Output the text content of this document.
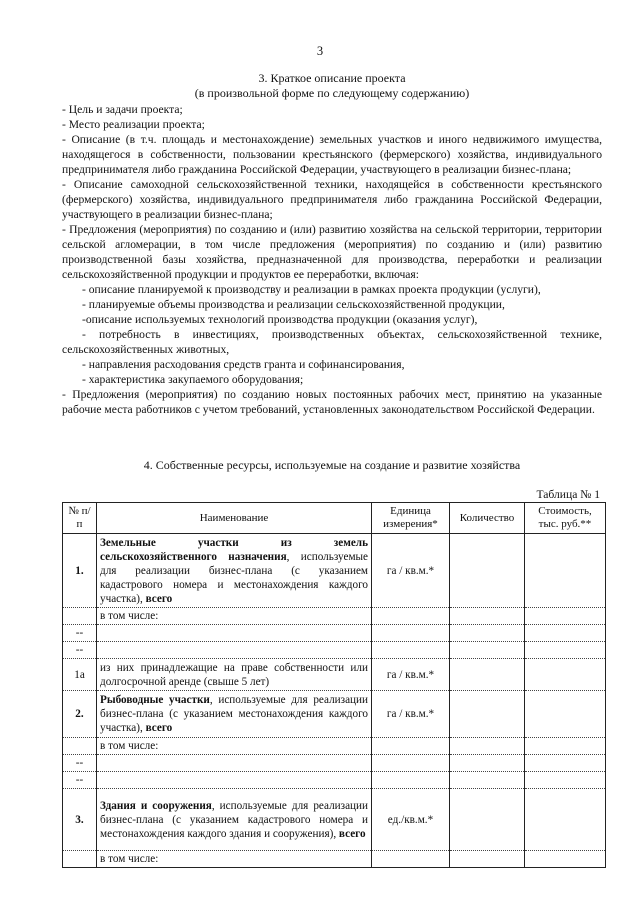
3
3. Краткое описание проекта
(в произвольной форме по следующему содержанию)

- Цель и задачи проекта;

- Место реализации проекта;

- Описание (в т.ч. площадь и местонахождение) земельных участков и иного недвижимого имущества, находящегося в собственности, пользовании крестьянского (фермерского) хозяйства, индивидуального предпринимателя либо гражданина Российской Федерации, участвующего в реализации бизнес-плана;

- Описание самоходной сельскохозяйственной техники, находящейся в собственности крестьянского (фермерского) хозяйства, индивидуального предпринимателя либо гражданина Российской Федерации, участвующего в реализации бизнес-плана;

- Предложения (мероприятия) по созданию и (или) развитию хозяйства на сельской территории, территории сельской агломерации, в том числе предложения (мероприятия) по созданию и (или) развитию производственной базы хозяйства, предназначенной для производства, переработки и реализации сельскохозяйственной продукции и продуктов ее переработки, включая:

- описание планируемой к производству и реализации в рамках проекта продукции (услуги),

- планируемые объемы производства и реализации сельскохозяйственной продукции,

-описание используемых технологий производства продукции (оказания услуг),

- потребность в инвестициях, производственных объектах, сельскохозяйственной технике, сельскохозяйственных животных,

- направления расходования средств гранта и софинансирования,

- характеристика закупаемого оборудования;

- Предложения (мероприятия) по созданию новых постоянных рабочих мест, принятию на указанные рабочие места работников с учетом требований, установленных законодательством Российской Федерации.

4. Собственные ресурсы, используемые на создание и развитие хозяйства
Таблица № 1
№ п/п	Наименование	Единица измерения*	Количество	Стоимость, тыс. руб.**
1.	Земельные участки из земель сельскохозяйственного назначения, используемые для реализации бизнес-плана (с указанием кадастрового номера и местонахождения каждого участка), всего	га / кв.м.*		
	в том числе:			
--				
--				
1а	из них принадлежащие на праве собственности или долгосрочной аренде (свыше 5 лет)	га / кв.м.*		
2.	Рыбоводные участки, используемые для реализации бизнес-плана (с указанием местонахождения каждого участка), всего	га / кв.м.*		
	в том числе:			
--				
--				
3.	Здания и сооружения, используемые для реализации бизнес-плана (с указанием кадастрового номера и местонахождения каждого здания и сооружения), всего	ед./кв.м.*		
	в том числе:			
